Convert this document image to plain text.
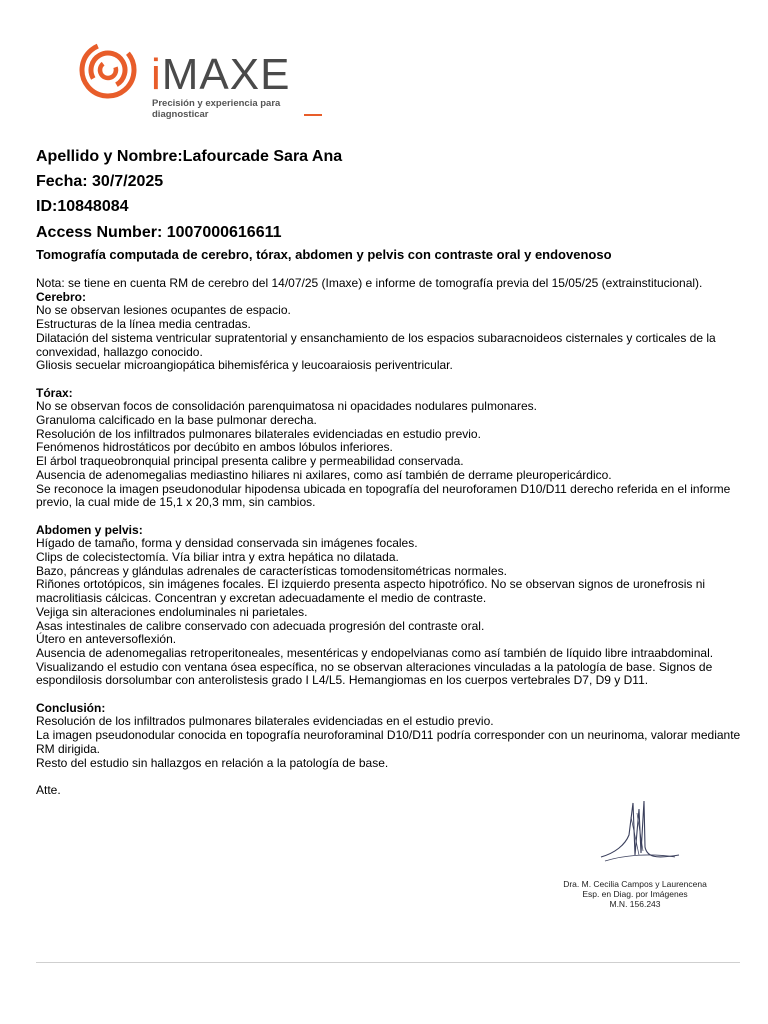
iMAXE
Precisión y experiencia para diagnosticar
Apellido y Nombre:Lafourcade Sara Ana
Fecha: 30/7/2025
ID:10848084
Access Number: 1007000616611
Tomografía computada de cerebro, tórax, abdomen y pelvis con contraste oral y endovenoso

Nota: se tiene en cuenta RM de cerebro del 14/07/25 (Imaxe) e informe de tomografía previa del 15/05/25 (extrainstitucional).

Cerebro:

No se observan lesiones ocupantes de espacio.

Estructuras de la línea media centradas.

Dilatación del sistema ventricular supratentorial y ensanchamiento de los espacios subaracnoideos cisternales y corticales de la convexidad, hallazgo conocido.

Gliosis secuelar microangiopática bihemisférica y leucoaraiosis periventricular.

Tórax:

No se observan focos de consolidación parenquimatosa ni opacidades nodulares pulmonares.

Granuloma calcificado en la base pulmonar derecha.

Resolución de los infiltrados pulmonares bilaterales evidenciadas en estudio previo.

Fenómenos hidrostáticos por decúbito en ambos lóbulos inferiores.

El árbol traqueobronquial principal presenta calibre y permeabilidad conservada.

Ausencia de adenomegalias mediastino hiliares ni axilares, como así también de derrame pleuropericárdico.

Se reconoce la imagen pseudonodular hipodensa ubicada en topografía del neuroforamen D10/D11 derecho referida en el informe previo, la cual mide de 15,1 x 20,3 mm, sin cambios.

Abdomen y pelvis:

Hígado de tamaño, forma y densidad conservada sin imágenes focales.

Clips de colecistectomía. Vía biliar intra y extra hepática no dilatada.

Bazo, páncreas y glándulas adrenales de características tomodensitométricas normales.

Riñones ortotópicos, sin imágenes focales. El izquierdo presenta aspecto hipotrófico. No se observan signos de uronefrosis ni macrolitiasis cálcicas. Concentran y excretan adecuadamente el medio de contraste.

Vejiga sin alteraciones endoluminales ni parietales.

Asas intestinales de calibre conservado con adecuada progresión del contraste oral.

Útero en anteversoflexión.

Ausencia de adenomegalias retroperitoneales, mesentéricas y endopelvianas como así también de líquido libre intraabdominal.

Visualizando el estudio con ventana ósea específica, no se observan alteraciones vinculadas a la patología de base. Signos de espondilosis dorsolumbar con anterolistesis grado I L4/L5. Hemangiomas en los cuerpos vertebrales D7, D9 y D11.

Conclusión:

Resolución de los infiltrados pulmonares bilaterales evidenciadas en el estudio previo.

La imagen pseudonodular conocida en topografía neuroforaminal D10/D11 podría corresponder con un neurinoma, valorar mediante RM dirigida.

Resto del estudio sin hallazgos en relación a la patología de base.

Atte.

Dra. M. Cecilia Campos y Laurencena
Esp. en Diag. por Imágenes
M.N. 156.243
